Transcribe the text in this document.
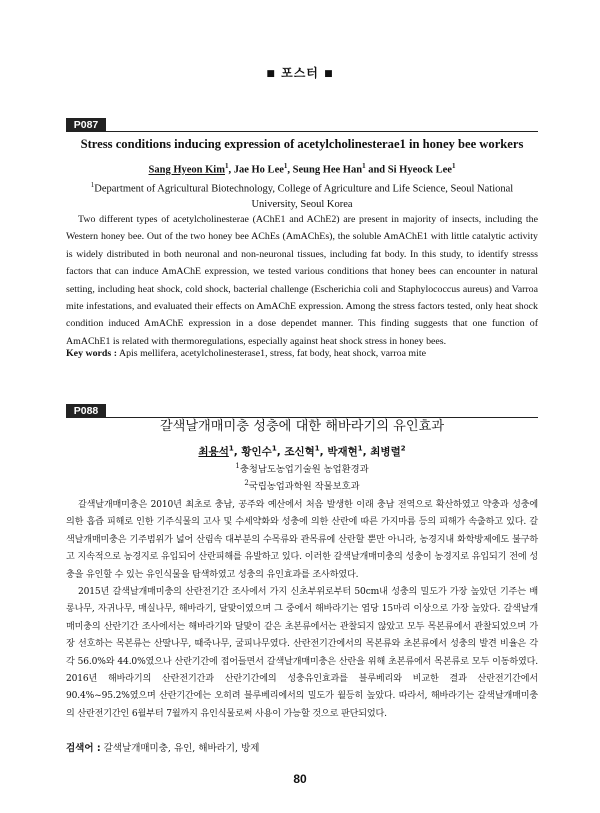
■ 포스터 ■
P087
Stress conditions inducing expression of acetylcholinesterae1 in honey bee workers
Sang Hyeon Kim$^1$, Jae Ho Lee$^1$, Seung Hee Han$^1$ and Si Hyeock Lee$^1$
$^1$Department of Agricultural Biotechnology, College of Agriculture and Life Science, Seoul National University, Seoul Korea
Two different types of acetylcholinesterae (AChE1 and AChE2) are present in majority of insects, including the Western honey bee. Out of the two honey bee AChEs (AmAChEs), the soluble AmAChE1 with little catalytic activity is widely distributed in both neuronal and non-neuronal tissues, including fat body. In this study, to identify stresss factors that can induce AmAChE expression, we tested various conditions that honey bees can encounter in natural setting, including heat shock, cold shock, bacterial challenge (Escherichia coli and Staphylococcus aureus) and Varroa mite infestations, and evaluated their effects on AmAChE expression. Among the stress factors tested, only heat shock condition induced AmAChE expression in a dose dependet manner. This finding suggests that one function of AmAChE1 is related with thermoregulations, especially against heat shock stress in honey bees.
Key words : Apis mellifera, acetylcholinesterase1, stress, fat body, heat shock, varroa mite
P088
갈색날개매미충 성충에 대한 해바라기의 유인효과
최용석$^1$, 황인수$^1$, 조신혁$^1$, 박재현$^1$, 최병렬$^2$
$^1$충청남도농업기술원 농업환경과
$^2$국립농업과학원 작물보호과

갈색날개매미충은 2010년 최초로 충남, 공주와 예산에서 처음 발생한 이래 충남 전역으로 확산하였고 약충과 성충에 의한 흡즙 피해로 인한 기주식물의 고사 및 수세약화와 성충에 의한 산란에 따른 가지마름 등의 피해가 속출하고 있다. 갈색날개매미충은 기주범위가 넓어 산림속 대부분의 수목류와 관목류에 산란할 뿐만 아니라, 농경지내 화학방제에도 불구하고 지속적으로 농경지로 유입되어 산란피해를 유발하고 있다. 이러한 갈색날개매미충의 성충이 농경지로 유입되기 전에 성충을 유인할 수 있는 유인식물을 탐색하였고 성충의 유인효과를 조사하였다.

2015년 갈색날개매미충의 산란전기간 조사에서 가지 신초부위로부터 50cm내 성충의 밀도가 가장 높았던 기주는 배롱나무, 자귀나무, 매실나무, 해바라기, 달맞이였으며 그 중에서 해바라기는 엽당 15마리 이상으로 가장 높았다. 갈색날개매미충의 산란기간 조사에서는 해바라기와 달맞이 같은 초본류에서는 관찰되지 않았고 모두 목본류에서 관찰되었으며 가장 선호하는 목본류는 산딸나무, 때죽나무, 굴피나무였다. 산란전기간에서의 목본류와 초본류에서 성충의 발견 비율은 각각 56.0%와 44.0%였으나 산란기간에 접어들면서 갈색날개매미충은 산란을 위해 초본류에서 목본류로 모두 이동하였다. 2016년 해바라기의 산란전기간과 산란기간에의 성충유인효과를 블루베리와 비교한 결과 산란전기간에서 90.4%~95.2%였으며 산란기간에는 오히려 블루베리에서의 밀도가 월등히 높았다. 따라서, 해바라기는 갈색날개매미충의 산란전기간인 6월부터 7월까지 유인식물로써 사용이 가능할 것으로 판단되었다.

검색어 : 갈색날개매미충, 유인, 해바라기, 방제
80
